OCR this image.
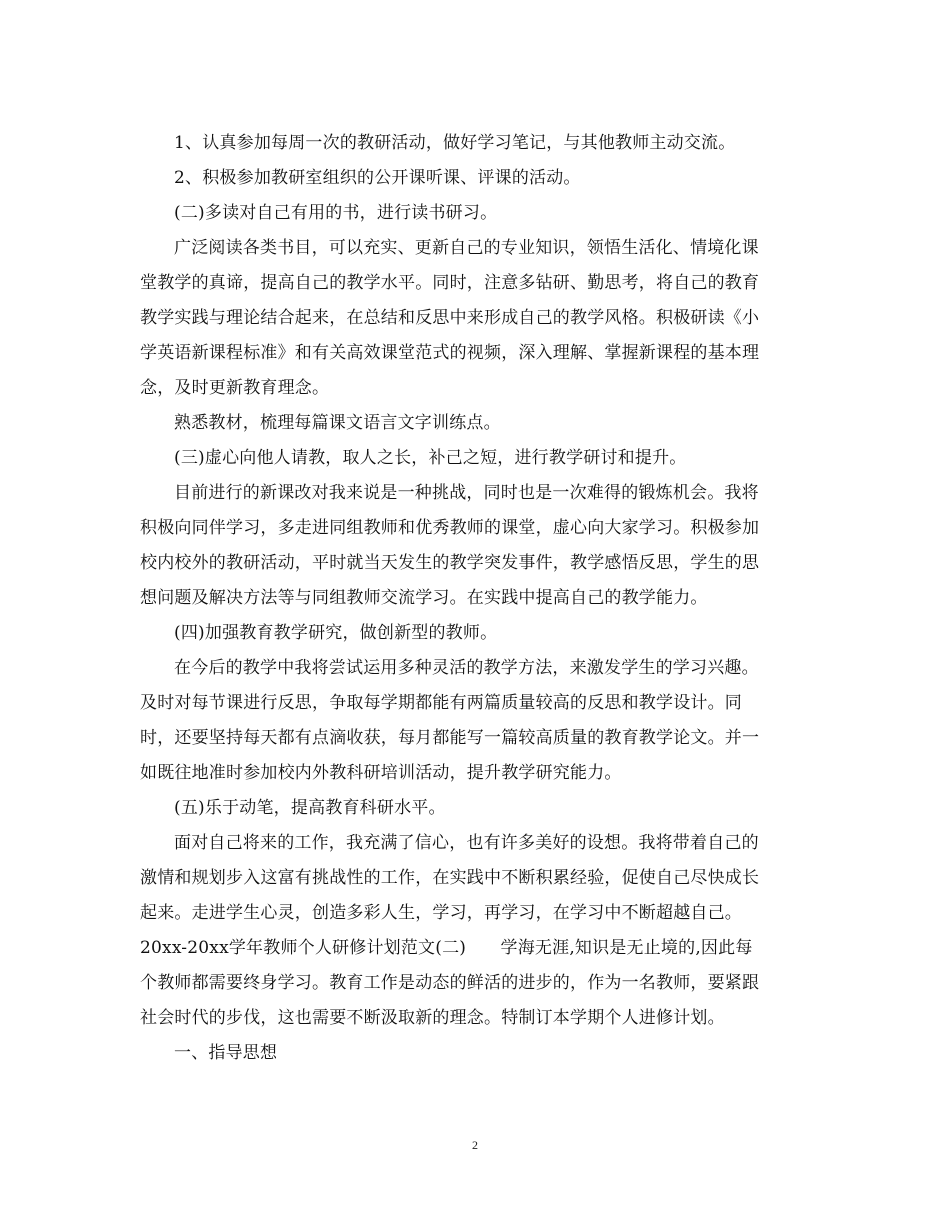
1、认真参加每周一次的教研活动，做好学习笔记，与其他教师主动交流。
2、积极参加教研室组织的公开课听课、评课的活动。
(二)多读对自己有用的书，进行读书研习。
广泛阅读各类书目，可以充实、更新自己的专业知识，领悟生活化、情境化课
堂教学的真谛，提高自己的教学水平。同时，注意多钻研、勤思考，将自己的教育
教学实践与理论结合起来，在总结和反思中来形成自己的教学风格。积极研读《小
学英语新课程标准》和有关高效课堂范式的视频，深入理解、掌握新课程的基本理
念，及时更新教育理念。
熟悉教材，梳理每篇课文语言文字训练点。
(三)虚心向他人请教，取人之长，补己之短，进行教学研讨和提升。
目前进行的新课改对我来说是一种挑战，同时也是一次难得的锻炼机会。我将
积极向同伴学习，多走进同组教师和优秀教师的课堂，虚心向大家学习。积极参加
校内校外的教研活动，平时就当天发生的教学突发事件，教学感悟反思，学生的思
想问题及解决方法等与同组教师交流学习。在实践中提高自己的教学能力。
(四)加强教育教学研究，做创新型的教师。
在今后的教学中我将尝试运用多种灵活的教学方法，来激发学生的学习兴趣。
及时对每节课进行反思，争取每学期都能有两篇质量较高的反思和教学设计。同
时，还要坚持每天都有点滴收获，每月都能写一篇较高质量的教育教学论文。并一
如既往地准时参加校内外教科研培训活动，提升教学研究能力。
(五)乐于动笔，提高教育科研水平。
面对自己将来的工作，我充满了信心，也有许多美好的设想。我将带着自己的
激情和规划步入这富有挑战性的工作，在实践中不断积累经验，促使自己尽快成长
起来。走进学生心灵，创造多彩人生，学习，再学习，在学习中不断超越自己。
20xx-20xx学年教师个人研修计划范文(二)　　学海无涯,知识是无止境的,因此每
个教师都需要终身学习。教育工作是动态的鲜活的进步的，作为一名教师，要紧跟
社会时代的步伐，这也需要不断汲取新的理念。特制订本学期个人进修计划。
一、指导思想
2
